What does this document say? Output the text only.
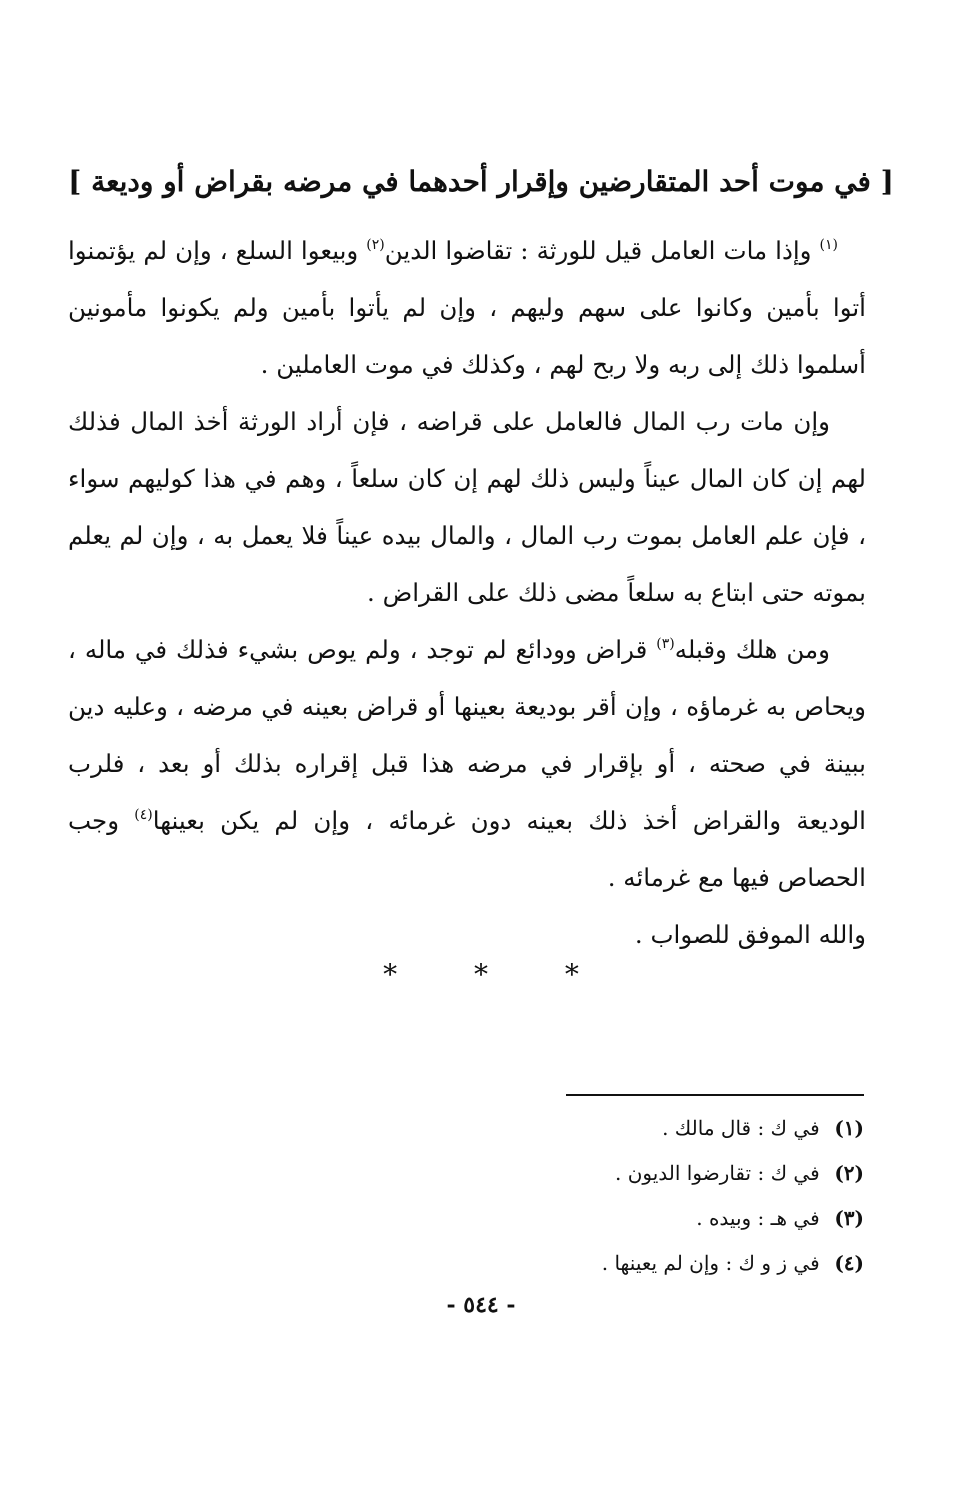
[ في موت أحد المتقارضين وإقرار أحدهما في مرضه بقراض أو وديعة ]

$^{(١)}$ وإذا مات العامل قيل للورثة : تقاضوا الدين$^{(٢)}$ وبيعوا السلع ، وإن لم يؤتمنوا أتوا بأمين وكانوا على سهم وليهم ، وإن لم يأتوا بأمين ولم يكونوا مأمونين أسلموا ذلك إلى ربه ولا ربح لهم ، وكذلك في موت العاملين .

وإن مات رب المال فالعامل على قراضه ، فإن أراد الورثة أخذ المال فذلك لهم إن كان المال عيناً وليس ذلك لهم إن كان سلعاً ، وهم في هذا كوليهم سواء ، فإن علم العامل بموت رب المال ، والمال بيده عيناً فلا يعمل به ، وإن لم يعلم بموته حتى ابتاع به سلعاً مضى ذلك على القراض .

ومن هلك وقبله$^{(٣)}$ قراض وودائع لم توجد ، ولم يوص بشيء فذلك في ماله ، ويحاص به غرماؤه ، وإن أقر بوديعة بعينها أو قراض بعينه في مرضه ، وعليه دين ببينة في صحته ، أو بإقرار في مرضه هذا قبل إقراره بذلك أو بعد ، فلرب الوديعة والقراض أخذ ذلك بعينه دون غرمائه ، وإن لم يكن بعينها$^{(٤)}$ وجب الحصاص فيها مع غرمائه .

والله الموفق للصواب .

* * *
(١) في ك : قال مالك .
(٢) في ك : تقارضوا الديون .
(٣) في هـ : وبيده .
(٤) في ز و ك : وإن لم يعينها .
- ٥٤٤ -
